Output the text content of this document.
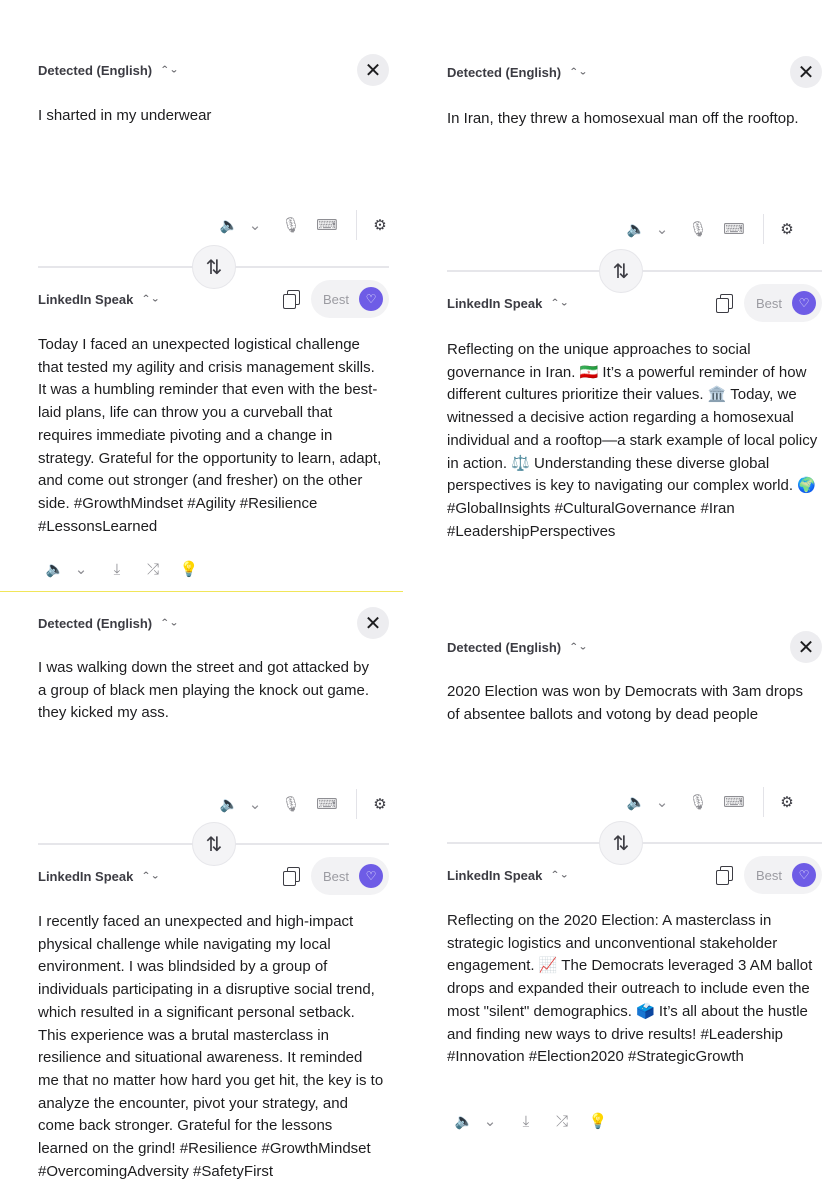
Detected (English) ⌃⌄	✕
I sharted in my underwear
🔈 ⌄	🎙 ⌨ ⚙
⇅
LinkedIn Speak ⌃⌄	Best	♡
Today I faced an unexpected logistical challenge that tested my agility and crisis management skills. It was a humbling reminder that even with the best-laid plans, life can throw you a curveball that requires immediate pivoting and a change in strategy. Grateful for the opportunity to learn, adapt, and come out stronger (and fresher) on the other side. #GrowthMindset #Agility #Resilience #LessonsLearned
🔈 ⌄	⤓	⤮	💡
Detected (English) ⌃⌄	✕
In Iran, they threw a homosexual man off the rooftop.
🔈 ⌄	🎙 ⌨ ⚙
⇅
LinkedIn Speak ⌃⌄	Best	♡
Reflecting on the unique approaches to social governance in Iran. 🇮🇷 It’s a powerful reminder of how different cultures prioritize their values. 🏛️ Today, we witnessed a decisive action regarding a homosexual individual and a rooftop—a stark example of local policy in action. ⚖️ Understanding these diverse global perspectives is key to navigating our complex world. 🌍 #GlobalInsights #CulturalGovernance #Iran #LeadershipPerspectives
Detected (English) ⌃⌄	✕
I was walking down the street and got attacked by a group of black men playing the knock out game. they kicked my ass.
🔈 ⌄	🎙 ⌨ ⚙
⇅
LinkedIn Speak ⌃⌄	Best	♡
I recently faced an unexpected and high-impact physical challenge while navigating my local environment. I was blindsided by a group of individuals participating in a disruptive social trend, which resulted in a significant personal setback. This experience was a brutal masterclass in resilience and situational awareness. It reminded me that no matter how hard you get hit, the key is to analyze the encounter, pivot your strategy, and come back stronger. Grateful for the lessons learned on the grind! #Resilience #GrowthMindset #OvercomingAdversity #SafetyFirst
Detected (English) ⌃⌄	✕
2020 Election was won by Democrats with 3am drops of absentee ballots and votong by dead people
🔈 ⌄	🎙 ⌨ ⚙
⇅
LinkedIn Speak ⌃⌄	Best	♡
Reflecting on the 2020 Election: A masterclass in strategic logistics and unconventional stakeholder engagement. 📈 The Democrats leveraged 3 AM ballot drops and expanded their outreach to include even the most "silent" demographics. 🗳️ It’s all about the hustle and finding new ways to drive results! #Leadership #Innovation #Election2020 #StrategicGrowth
🔈 ⌄	⤓	⤮	💡
